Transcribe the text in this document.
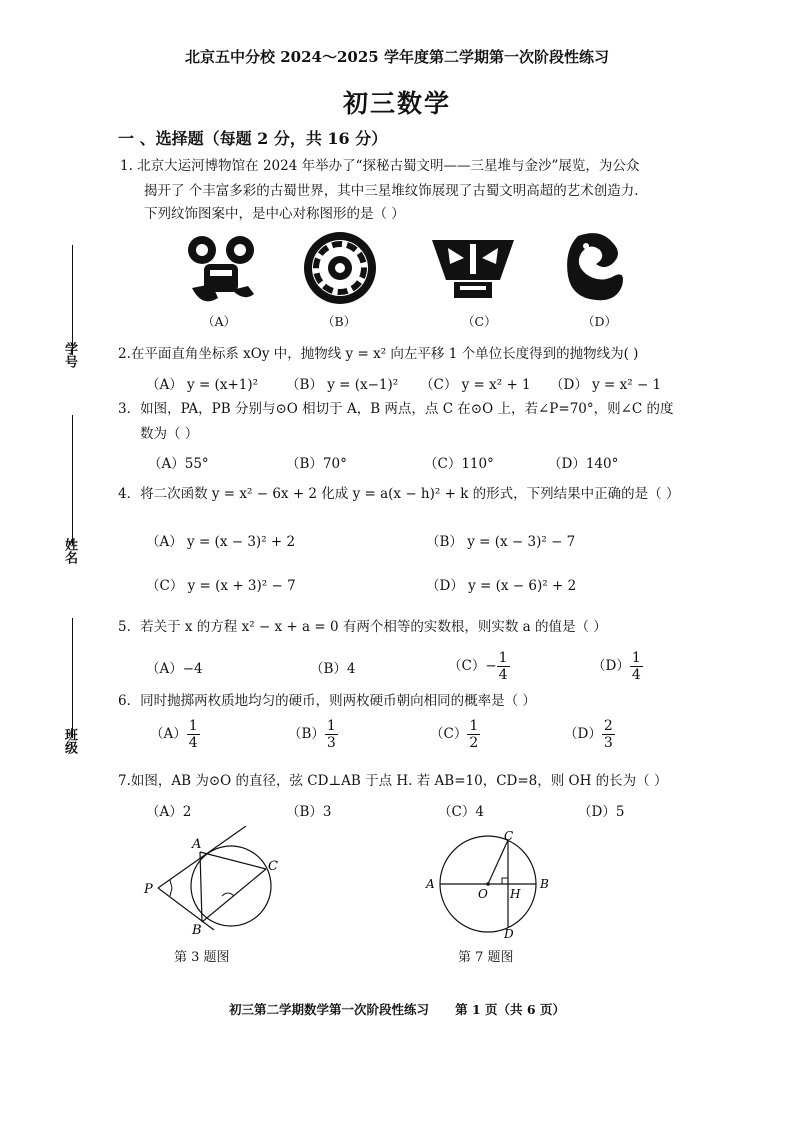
北京五中分校 2024～2025 学年度第二学期第一次阶段性练习
初三数学
一 、选择题（每题 2 分，共 16 分）
学号
姓名
班级
1. 北京大运河博物馆在 2024 年举办了“探秘古蜀文明——三星堆与金沙”展览，为公众
揭开了 个丰富多彩的古蜀世界，其中三星堆纹饰展现了古蜀文明高超的艺术创造力.
下列纹饰图案中，是中心对称图形的是（ ）
（A）	（B）	（C）	（D）
2.在平面直角坐标系 xOy 中，抛物线 y = x² 向左平移 1 个单位长度得到的抛物线为( )
（A） y = (x+1)² （B） y = (x−1)² （C） y = x² + 1 （D） y = x² − 1
3．如图，PA，PB 分别与⊙O 相切于 A，B 两点，点 C 在⊙O 上，若∠P=70°，则∠C 的度
数为（ ）
（A）55°	（B）70°	（C）110°	（D）140°
4．将二次函数 y = x² − 6x + 2 化成 y = a(x − h)² + k 的形式，下列结果中正确的是（ ）
（A） y = (x − 3)² + 2	（B） y = (x − 3)² − 7
（C） y = (x + 3)² − 7	（D） y = (x − 6)² + 2
5．若关于 x 的方程 x² − x + a = 0 有两个相等的实数根，则实数 a 的值是（ ）
（A）−4	（B）4	$(C)- \frac{1}{4}$	$(D) \frac{1}{4}$
6．同时抛掷两枚质地均匀的硬币，则两枚硬币朝向相同的概率是（ ）
$(A) \frac{1}{4}$	$(B) \frac{1}{3}$	$(C) \frac{1}{2}$	$(D) \frac{2}{3}$
7.如图，AB 为⊙O 的直径，弦 CD⊥AB 于点 H. 若 AB=10，CD=8，则 OH 的长为（ ）
（A）2	（B）3	（C）4	（D）5
P
A
B
C
第 3 题图
A	B
C
D
O H
第 7 题图
初三第二学期数学第一次阶段性练习      第 1 页（共 6 页）
